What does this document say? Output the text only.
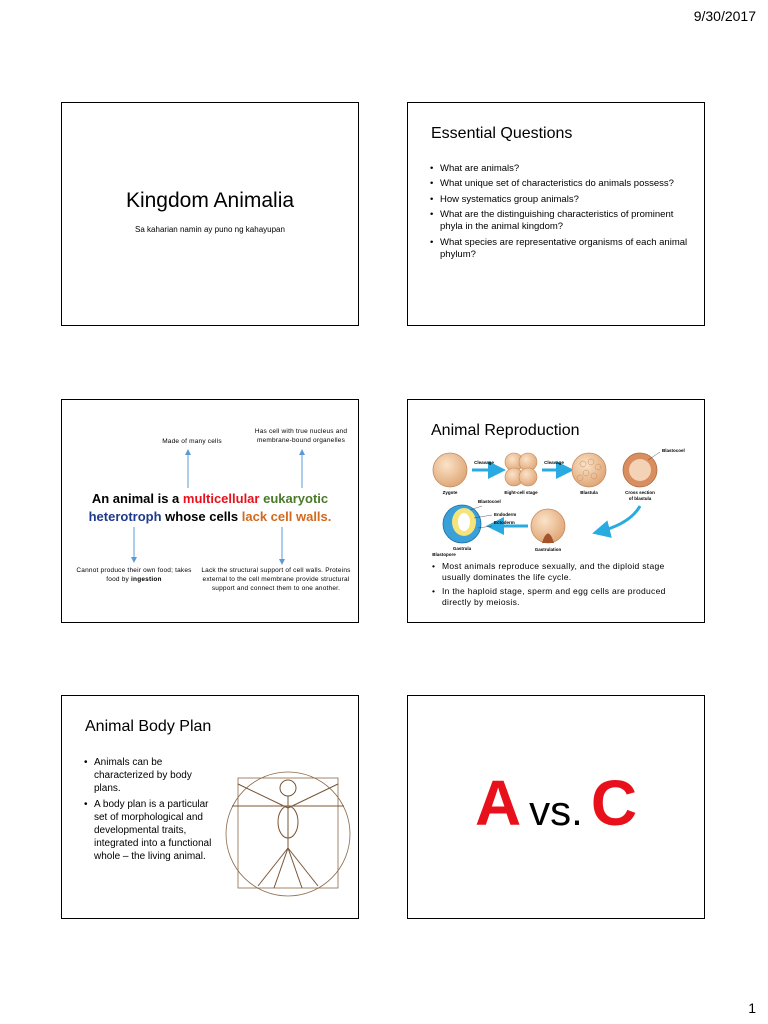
9/30/2017
Kingdom Animalia
Sa kaharian namin ay puno ng kahayupan
Essential Questions
• What are animals?
• What unique set of characteristics do animals possess?
• How systematics group animals?
• What are the distinguishing characteristics of prominent phyla in the animal kingdom?
• What species are representative organisms of each animal phylum?
Made of many cells
Has cell with true nucleus and membrane-bound organelles
An animal is a multicellular eukaryotic heterotroph whose cells lack cell walls.
Cannot produce their own food; takes food by ingestion
Lack the structural support of cell walls. Proteins external to the cell membrane provide structural support and connect them to one another.
Animal Reproduction
Zygote
Cleavage
Eight-cell stage
Cleavage
Blastula
Blastocoel
Cross section
of blastula
Gastrulation
Blastocoel
Endoderm
Ectoderm
Gastrula
Blastopore
• Most animals reproduce sexually, and the diploid stage usually dominates the life cycle.
• In the haploid stage, sperm and egg cells are produced directly by meiosis.
Animal Body Plan
• Animals can be characterized by body plans.
• A body plan is a particular set of morphological and developmental traits, integrated into a functional whole – the living animal.
Avs. C
1
